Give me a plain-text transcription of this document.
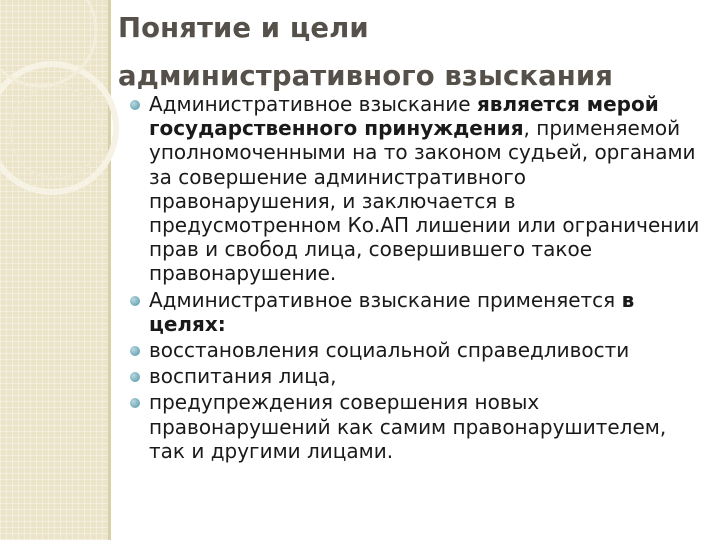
Понятие и цели
административного взыскания
Административное взыскание является мерой государственного принуждения, применяемой уполномоченными на то законом судьей, органами за совершение административного правонарушения, и заключается в предусмотренном Ко.АП лишении или ограничении прав и свобод лица, совершившего такое правонарушение.
Административное взыскание применяется в целях:
восстановления социальной справедливости
воспитания лица,
предупреждения совершения новых правонарушений как самим правонарушителем, так и другими лицами.
